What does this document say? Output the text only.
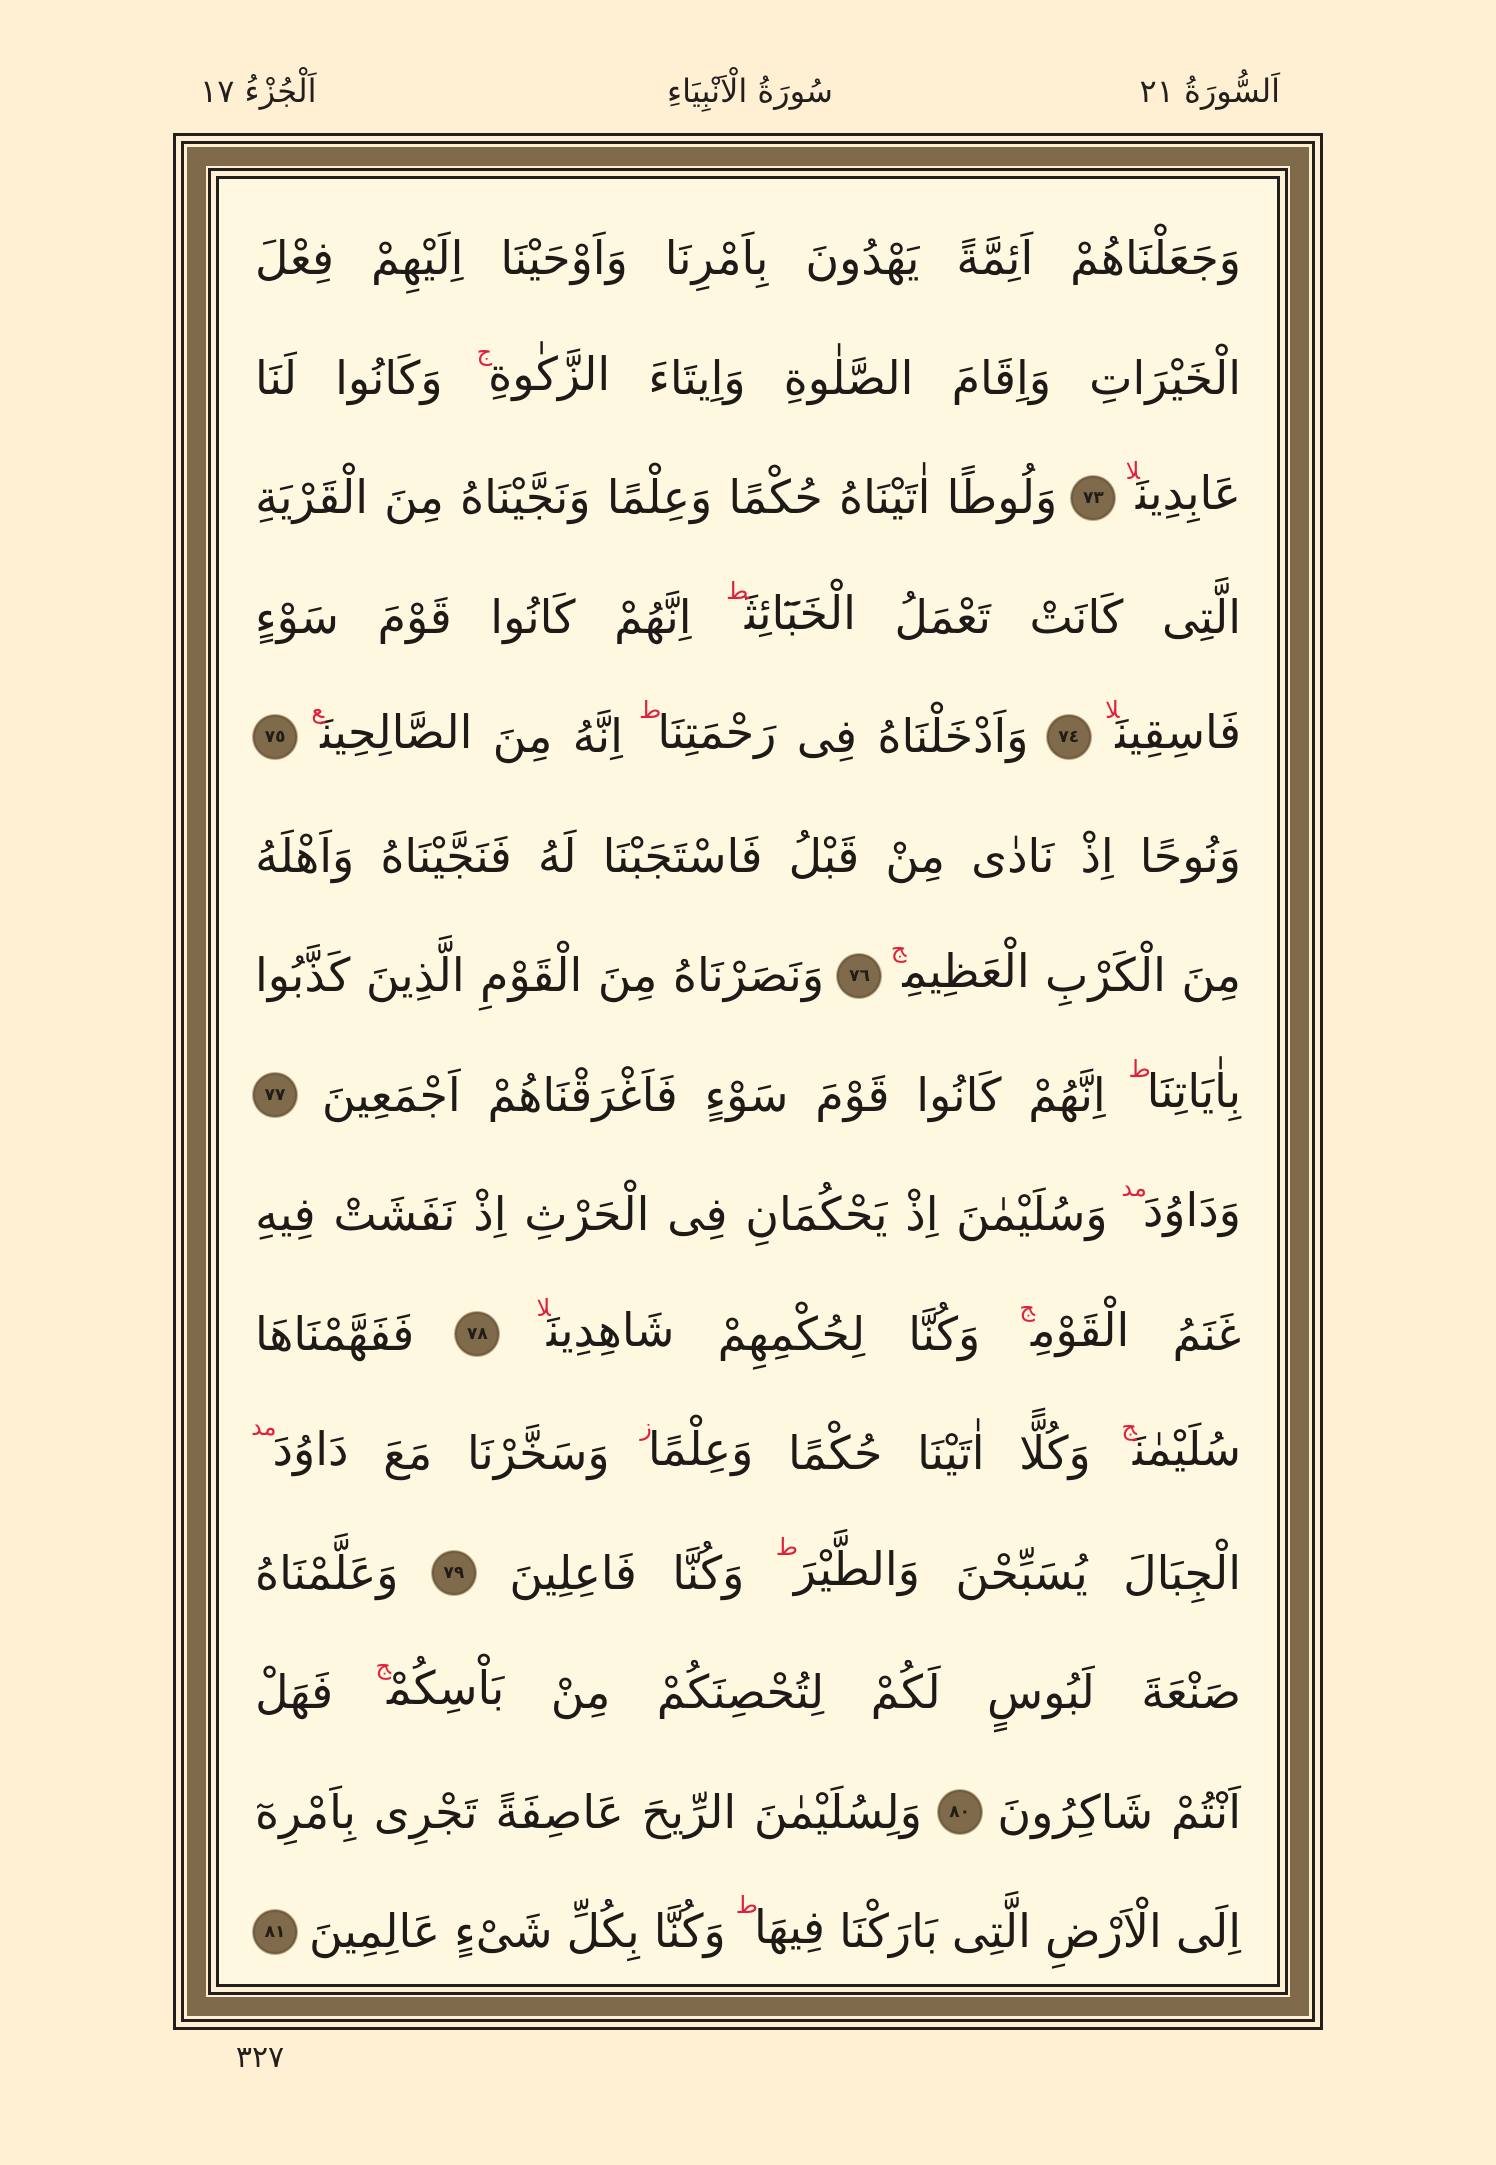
اَلسُّورَةُ ٢١
سُورَةُ الْاَنْبِيَاءِ
اَلْجُزْءُ ١٧
وَجَعَلْنَاهُمْ
اَئِمَّةً
يَهْدُونَ
بِاَمْرِنَا
وَاَوْحَيْنَا
اِلَيْهِمْ
فِعْلَ
الْخَيْرَاتِ
وَاِقَامَ
الصَّلٰوةِ
وَاِيتَاءَ
الزَّكٰوةِ$^ج$
وَكَانُوا
لَنَا
عَابِدِينَ$^{لا}$
٧٣
وَلُوطًا
اٰتَيْنَاهُ
حُكْمًا
وَعِلْمًا
وَنَجَّيْنَاهُ
مِنَ
الْقَرْيَةِ
الَّتِى
كَانَتْ
تَعْمَلُ
الْخَبَٓائِثَ$^ط$
اِنَّهُمْ
كَانُوا
قَوْمَ
سَوْءٍ
فَاسِقِينَ$^{لا}$
٧٤
وَاَدْخَلْنَاهُ
فِى
رَحْمَتِنَا$^ط$
اِنَّهُ
مِنَ
الصَّالِحِينَ$^ع$
٧٥
وَنُوحًا
اِذْ
نَادٰى
مِنْ
قَبْلُ
فَاسْتَجَبْنَا
لَهُ
فَنَجَّيْنَاهُ
وَاَهْلَهُ
مِنَ
الْكَرْبِ
الْعَظِيمِ$^ج$
٧٦
وَنَصَرْنَاهُ
مِنَ
الْقَوْمِ
الَّذِينَ
كَذَّبُوا
بِاٰيَاتِنَا$^ط$
اِنَّهُمْ
كَانُوا
قَوْمَ
سَوْءٍ
فَاَغْرَقْنَاهُمْ
اَجْمَعِينَ
٧٧
وَدَاوُدَ$^{مد}$
وَسُلَيْمٰنَ
اِذْ
يَحْكُمَانِ
فِى
الْحَرْثِ
اِذْ
نَفَشَتْ
فِيهِ
غَنَمُ
الْقَوْمِ$^ج$
وَكُنَّا
لِحُكْمِهِمْ
شَاهِدِينَ$^{لا}$
٧٨
فَفَهَّمْنَاهَا
سُلَيْمٰنَ$^ج$
وَكُلًّا
اٰتَيْنَا
حُكْمًا
وَعِلْمًا$^ز$
وَسَخَّرْنَا
مَعَ
دَاوُدَ$^{مد}$
الْجِبَالَ
يُسَبِّحْنَ
وَالطَّيْرَ$^ط$
وَكُنَّا
فَاعِلِينَ
٧٩
وَعَلَّمْنَاهُ
صَنْعَةَ
لَبُوسٍ
لَكُمْ
لِتُحْصِنَكُمْ
مِنْ
بَاْسِكُمْ$^ج$
فَهَلْ
اَنْتُمْ
شَاكِرُونَ
٨٠
وَلِسُلَيْمٰنَ
الرِّيحَ
عَاصِفَةً
تَجْرِى
بِاَمْرِهٓ
اِلَى
الْاَرْضِ
الَّتِى
بَارَكْنَا
فِيهَا$^ط$
وَكُنَّا
بِكُلِّ
شَىْءٍ
عَالِمِينَ
٨١
٣٢٧
